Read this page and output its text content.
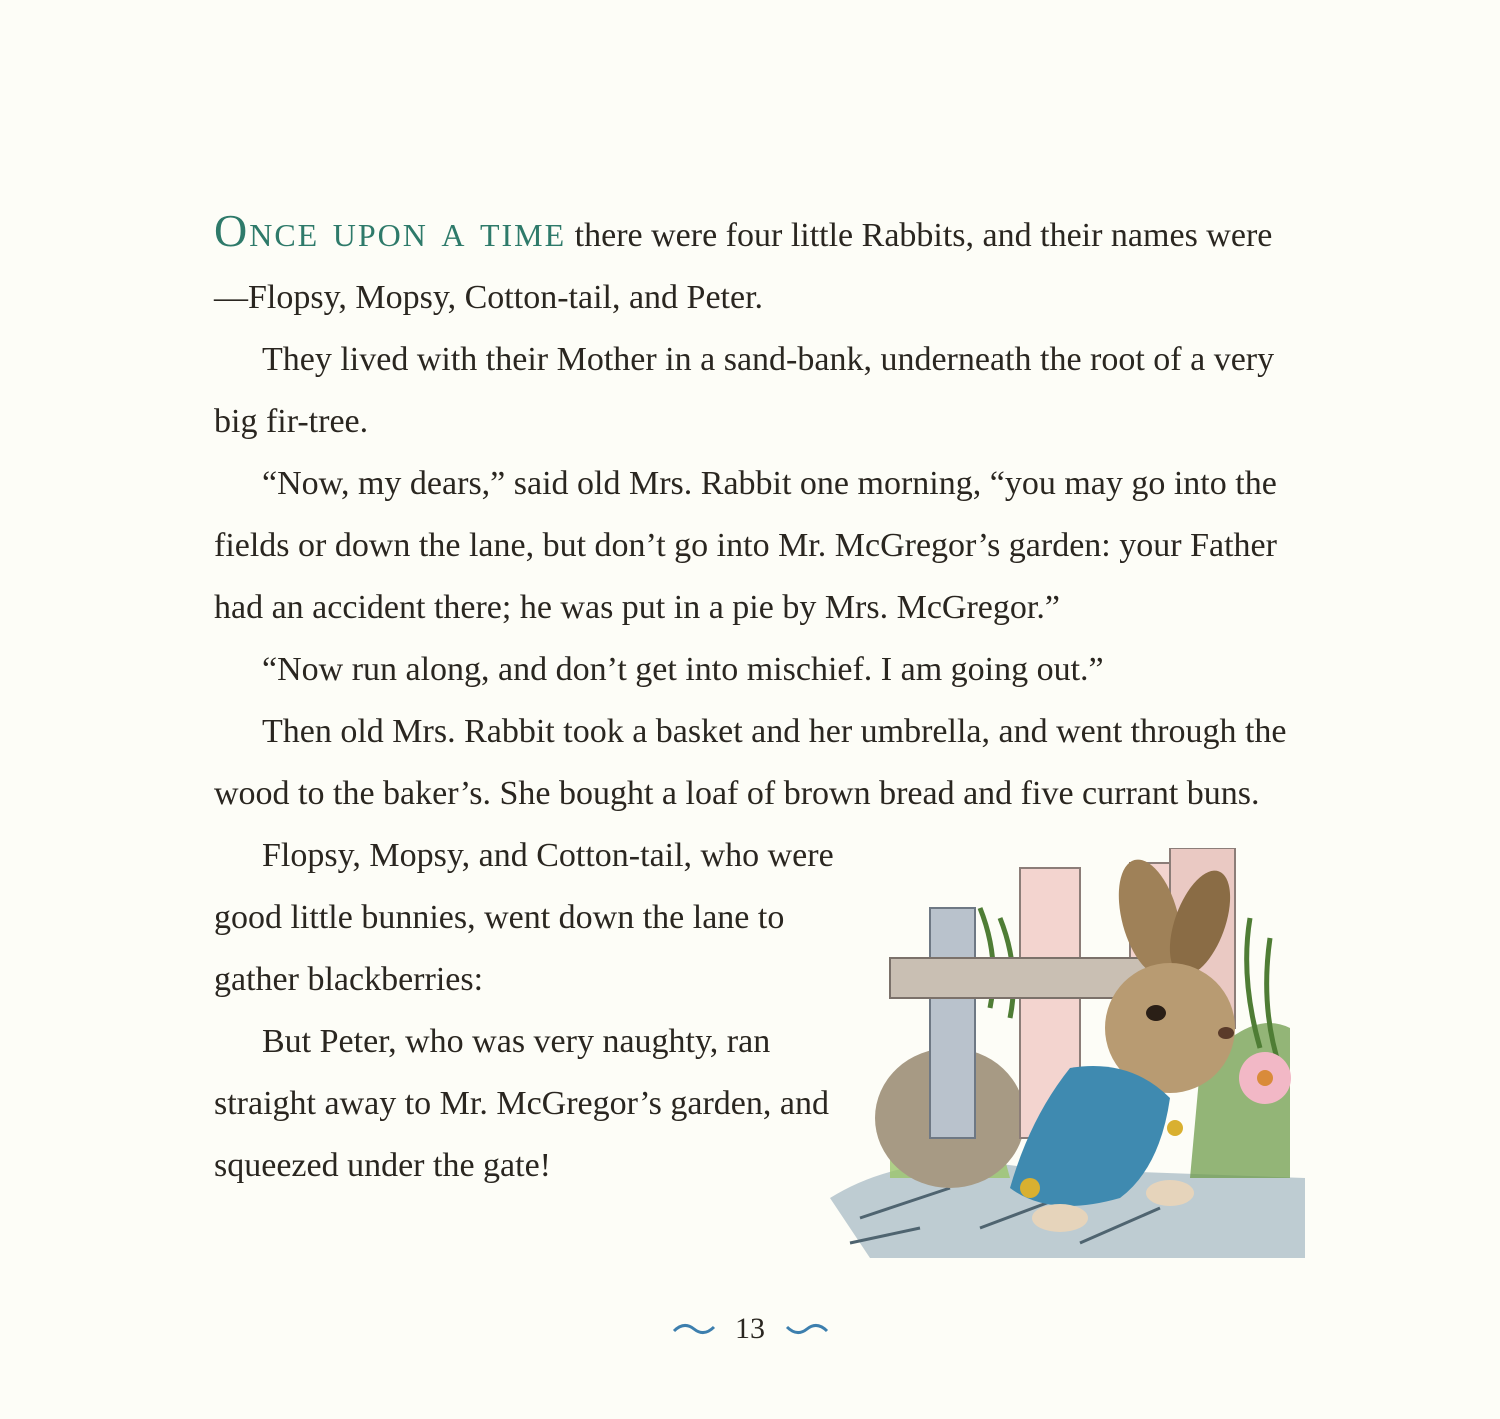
Once upon a time there were four little Rabbits, and their names were—Flopsy, Mopsy, Cotton-tail, and Peter.

They lived with their Mother in a sand-bank, underneath the root of a very big fir-tree.

“Now, my dears,” said old Mrs. Rabbit one morning, “you may go into the fields or down the lane, but don’t go into Mr. McGregor’s garden: your Father had an accident there; he was put in a pie by Mrs. McGregor.”

“Now run along, and don’t get into mischief. I am going out.”

Then old Mrs. Rabbit took a basket and her umbrella, and went through the wood to the baker’s. She bought a loaf of brown bread and five currant buns.

Flopsy, Mopsy, and Cotton-tail, who were good little bunnies, went down the lane to gather blackberries:

But Peter, who was very naughty, ran straight away to Mr. McGregor’s garden, and squeezed under the gate!

13
